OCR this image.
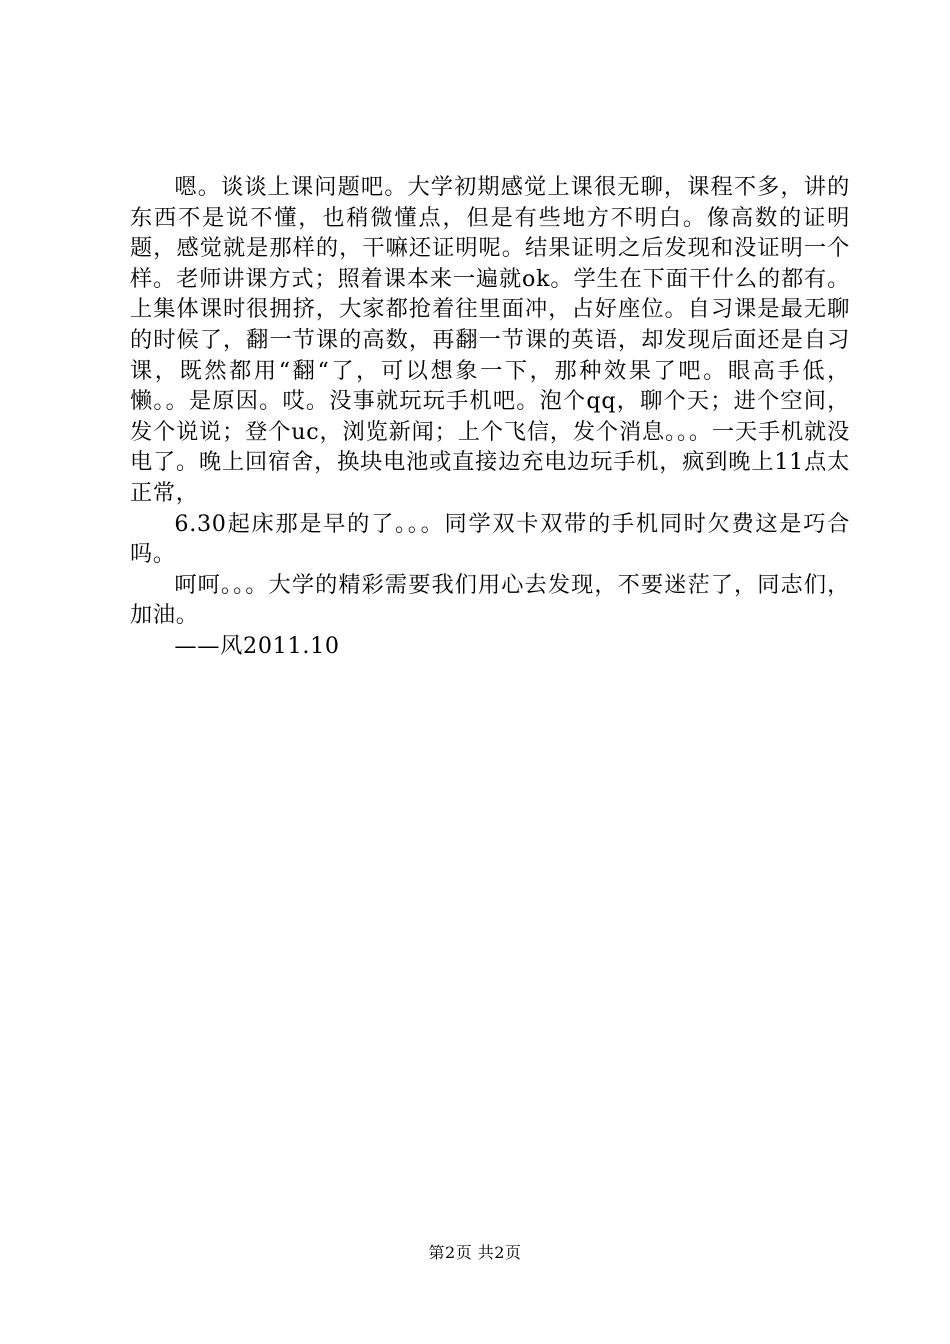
嗯。谈谈上课问题吧。大学初期感觉上课很无聊，课程不多，讲的东西不是说不懂，也稍微懂点，但是有些地方不明白。像高数的证明题，感觉就是那样的，干嘛还证明呢。结果证明之后发现和没证明一个样。老师讲课方式；照着课本来一遍就ok。学生在下面干什么的都有。上集体课时很拥挤，大家都抢着往里面冲，占好座位。自习课是最无聊的时候了，翻一节课的高数，再翻一节课的英语，却发现后面还是自习课，既然都用“翻“了，可以想象一下，那种效果了吧。眼高手低，懒。。是原因。哎。没事就玩玩手机吧。泡个qq，聊个天；进个空间，发个说说；登个uc，浏览新闻；上个飞信，发个消息。。。一天手机就没电了。晚上回宿舍，换块电池或直接边充电边玩手机，疯到晚上11点太正常，

6.30起床那是早的了。。。同学双卡双带的手机同时欠费这是巧合吗。

呵呵。。。大学的精彩需要我们用心去发现，不要迷茫了，同志们，加油。

——风2011.10

第2页 共2页
